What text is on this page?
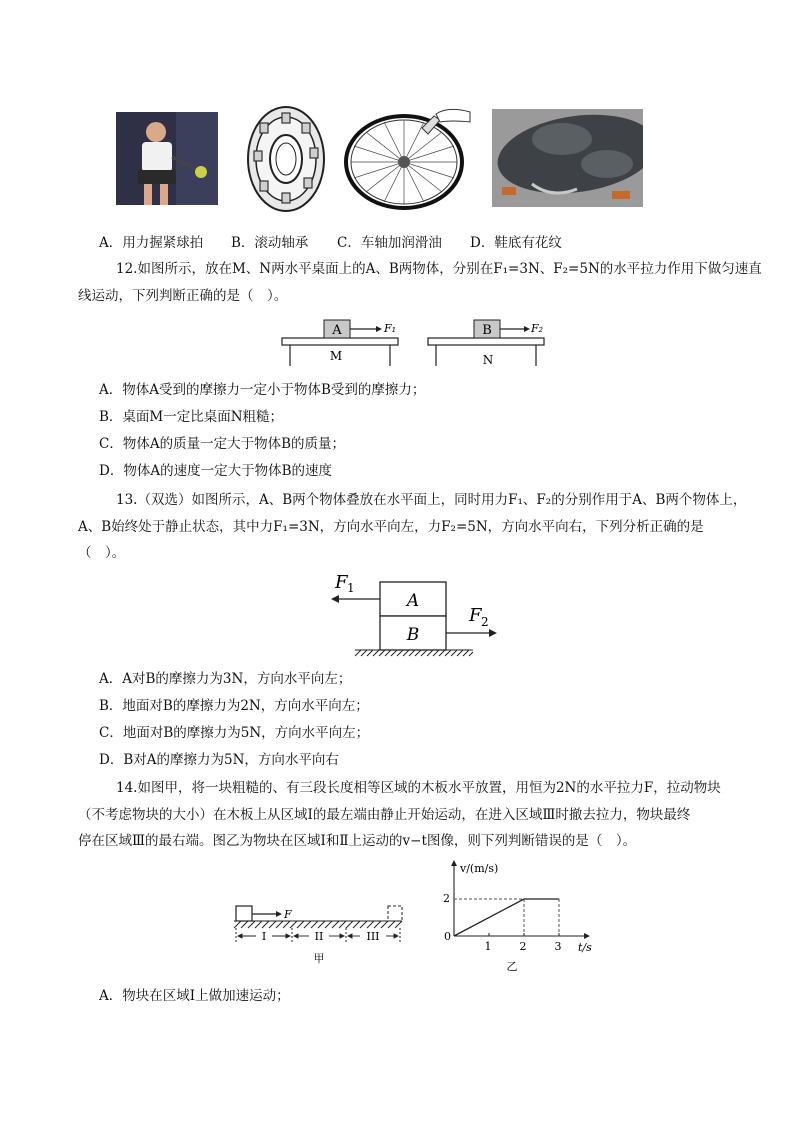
A．用力握紧球拍 B．滚动轴承 C．车轴加润滑油 D．鞋底有花纹
12.如图所示，放在M、N两水平桌面上的A、B两物体，分别在F₁=3N、F₂=5N的水平拉力作用下做匀速直
线运动，下列判断正确的是（　）。
A	F₁
M
B	F₂
N
A．物体A受到的摩擦力一定小于物体B受到的摩擦力；
B．桌面M一定比桌面N粗糙；
C．物体A的质量一定大于物体B的质量；
D．物体A的速度一定大于物体B的速度
13.（双选）如图所示，A、B两个物体叠放在水平面上，同时用力F₁、F₂的分别作用于A、B两个物体上，
A、B始终处于静止状态，其中力F₁=3N，方向水平向左，力F₂=5N，方向水平向右，下列分析正确的是
（　）。
A
B
F 1
F 2
A．A对B的摩擦力为3N，方向水平向左；
B．地面对B的摩擦力为2N，方向水平向左；
C．地面对B的摩擦力为5N，方向水平向左；
D．B对A的摩擦力为5N，方向水平向右
14.如图甲，将一块粗糙的、有三段长度相等区域的木板水平放置，用恒为2N的水平拉力F，拉动物块
（不考虑物块的大小）在木板上从区域Ⅰ的最左端由静止开始运动，在进入区域Ⅲ时撤去拉力，物块最终
停在区域Ⅲ的最右端。图乙为物块在区域Ⅰ和Ⅱ上运动的v−t图像，则下列判断错误的是（　）。
F
I	II	III
甲
v/(m/s)
t/s
0
2
1	2	3
乙
A．物块在区域Ⅰ上做加速运动；
